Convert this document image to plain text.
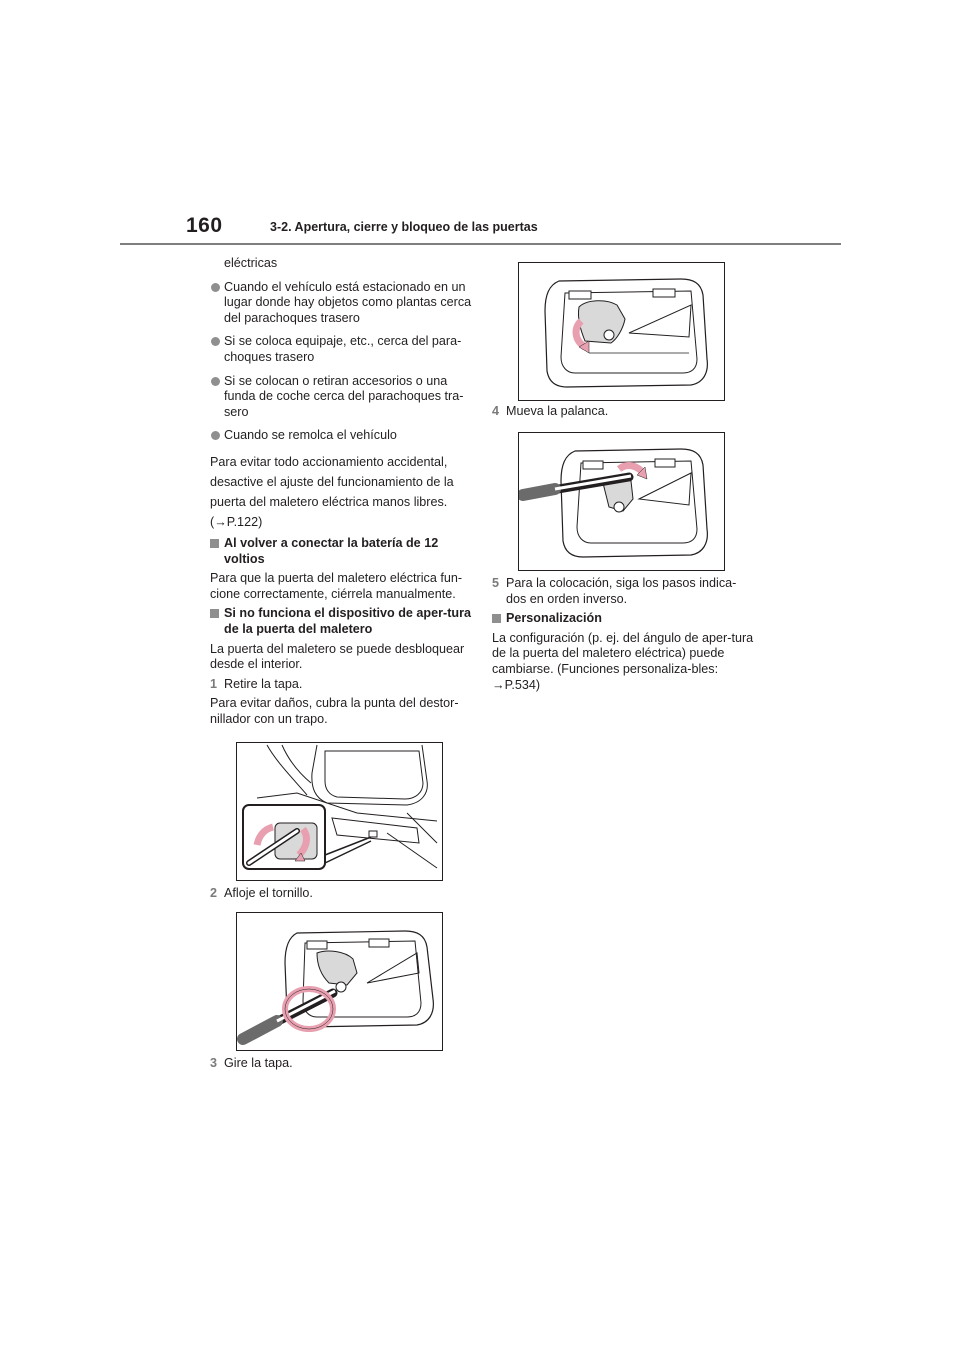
160	3-2. Apertura, cierre y bloqueo de las puertas

eléctricas

Cuando el vehículo está estacionado en un lugar donde hay objetos como plantas cerca del parachoques trasero

Si se coloca equipaje, etc., cerca del para-choques trasero

Si se colocan o retiran accesorios o una funda de coche cerca del parachoques tra-sero

Cuando se remolca el vehículo

Para evitar todo accionamiento accidental,

desactive el ajuste del funcionamiento de la

puerta del maletero eléctrica manos libres.

(→P.122)

Al volver a conectar la batería de 12 voltios

Para que la puerta del maletero eléctrica fun-cione correctamente, ciérrela manualmente.

Si no funciona el dispositivo de aper-tura de la puerta del maletero

La puerta del maletero se puede desbloquear desde el interior.

1 Retire la tapa.

Para evitar daños, cubra la punta del destor-nillador con un trapo.

2 Afloje el tornillo.

3 Gire la tapa.

4 Mueva la palanca.

5 Para la colocación, siga los pasos indica-dos en orden inverso.

Personalización

La configuración (p. ej. del ángulo de aper-tura de la puerta del maletero eléctrica) puede cambiarse. (Funciones personaliza-bles: →P.534)
